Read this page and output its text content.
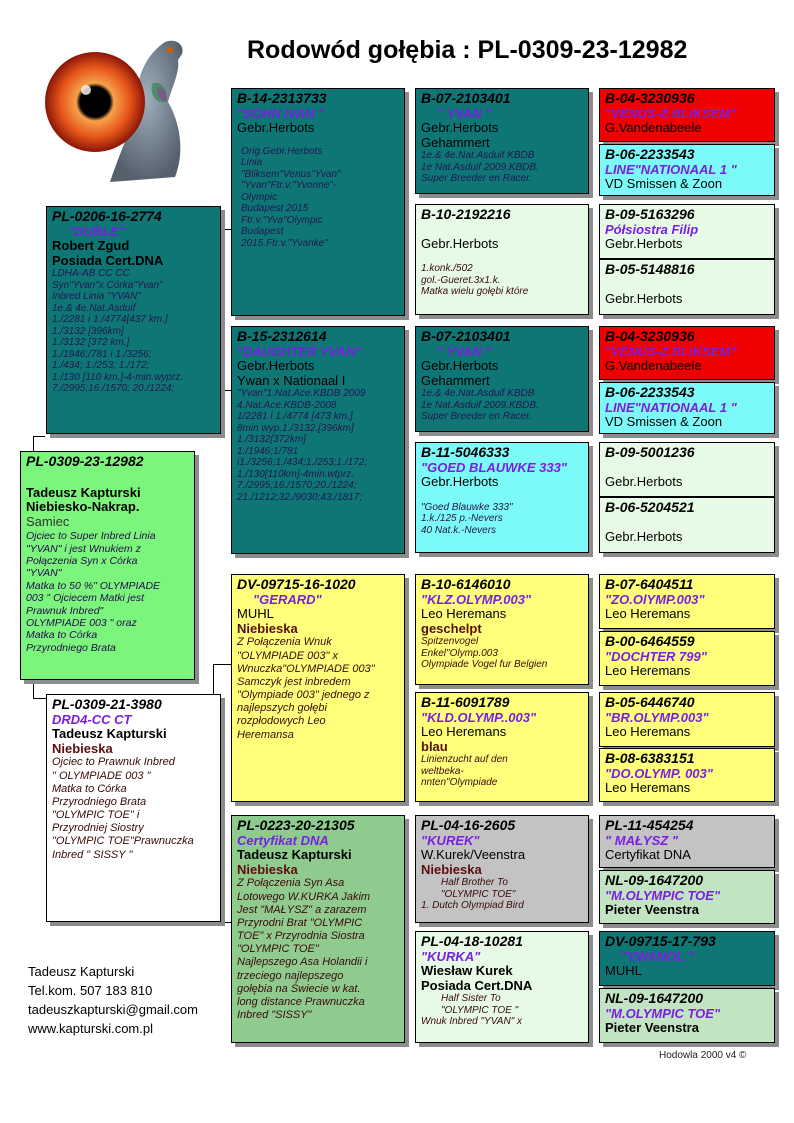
Rodowód gołębia : PL-0309-23-12982
PL-0309-23-12982
Tadeusz Kapturski
Niebiesko-Nakrap.
Samiec
Ojciec to Super Inbred Linia
"YVAN" i jest Wnukiem z
Połączenia Syn x Córka
"YVAN"
Matka to 50 %" OLYMPIADE
003 " Ojciecem Matki jest
Prawnuk Inbred"
OLYMPIADE 003 " oraz
Matka to Córka
Przyrodniego Brata
PL-0206-16-2774
"DUBLE"
Robert Zgud
Posiada Cert.DNA
LDHA-AB CC CC
Syn"Yvan"x Córka"Yvan"
Inbred Linia "YVAN"
1e.& 4e.Nat.Asduif
1./2281 i 1./4774[437 km.]
1./3132 [396km]
1./3132 [372 km.]
1./1946;/781 i 1./3256;
1./434; 1./253; 1./172;
1./130 [110 km.]-4-min.wyprz.
7./2995;16./1570; 20./1224;
PL-0309-21-3980
DRD4-CC CT
Tadeusz Kapturski
Niebieska
Ojciec to Prawnuk Inbred
" OLYMPIADE 003 "
Matka to Córka
Przyrodniego Brata
"OLYMPIC TOE" i
Przyrodniej Siostry
"OLYMPIC TOE"Prawnuczka
Inbred " SISSY "
B-14-2313733
"SOHN IVAN "
Gebr.Herbots
Orig.Gebr.Herbots
Linia
"Bliksem"Venus"Yvan"
"Yvan"Ftr.v."Yvonne"-
Olympic
Budapest 2015
Ftr.v."Yva"Olympic
Budapest
2015.Ftr.v."Yvanke"
B-15-2312614
"DAUGHTER YVAN"
Gebr.Herbots
Ywan x Nationaal I
"Yvan"1.Nat.Ace.KBDB 2009
4.Nat.Ace.KBDB-2008
1/2281 i 1./4774 [473 km.]
8min wyp.1./3132.[396km]
1./3132[372km]
1./1946;1/781
i1./3256;1./434;1./253;1./172;
1./130[110km]-4min.wtprz.
7./2995;16./1570;20./1224;
21./1212;32./9030;43./1817;
DV-09715-16-1020
"GERARD"
MUHL
Niebieska
Z Połączenia Wnuk
"OLYMPIADE 003" x
Wnuczka"OLYMPIADE 003"
Samczyk jest inbredem
"Olympiade 003" jednego z
najlepszych gołębi
rozpłodowych Leo
Heremansa
PL-0223-20-21305
Certyfikat DNA
Tadeusz Kapturski
Niebieska
Z Połączenia Syn Asa
Lotowego W.KURKA Jakim
Jest "MAŁYSZ" a zarazem
Przyrodni Brat "OLYMPIC
TOE" x Przyrodnia Siostra
"OLYMPIC TOE"
Najlepszego Asa Holandii i
trzeciego najlepszego
gołębia na Świecie w kat.
long distance Prawnuczka
Inbred "SISSY"
B-07-2103401
" YVAN "
Gebr.Herbots
Gehammert
1e.& 4e.Nat.Asduif KBDB
1e Nat.Asduif 2009.KBDB.
Super Breeder en Racer.
B-10-2192216
Gebr.Herbots
1.konk./502
gol.-Gueret.3x1.k.
Matka wielu gołębi które
B-07-2103401
" YVAN "
Gebr.Herbots
Gehammert
1e.& 4e.Nat.Asduif KBDB
1e Nat.Asduif 2009.KBDB.
Super Breeder en Racer.
B-11-5046333
"GOED BLAUWKE 333"
Gebr.Herbots
"Goed Blauwke 333"
1.k./125 p.-Nevers
40 Nat.k.-Nevers
B-10-6146010
"KLZ.OLYMP.003"
Leo Heremans
geschelpt
Spitzenvogel
Enkel"Olymp.003
Olympiade Vogel fur Belgien
B-11-6091789
"KLD.OLYMP..003"
Leo Heremans
blau
Linienzucht auf den
weltbeka-
nnten"Olympiade
PL-04-16-2605
"KUREK"
W.Kurek/Veenstra
Niebieska
Half Brother To
"OLYMPIC TOE"
1. Dutch Olympiad Bird
PL-04-18-10281
"KURKA"
Wiesław Kurek
Posiada Cert.DNA
Half Sister To
"OLYMPIC TOE "
Wnuk Inbred "YVAN" x
B-04-3230936
"VENUS-Z.BLIKSEM"
G.Vandenabeele
B-06-2233543
LINE"NATIONAAL 1 "
VD Smissen & Zoon
B-09-5163296
Półsiostra Filip
Gebr.Herbots
B-05-5148816
Gebr.Herbots
B-04-3230936
"VENUS-Z.BLIKSEM"
G.Vandenabeele
B-06-2233543
LINE"NATIONAAL 1 "
VD Smissen & Zoon
B-09-5001236
Gebr.Herbots
B-06-5204521
Gebr.Herbots
B-07-6404511
"ZO.OlYMP.003"
Leo Heremans
B-00-6464559
"DOCHTER 799"
Leo Heremans
B-05-6446740
"BR.OLYMP.003"
Leo Heremans
B-08-6383151
"DO.OLYMP. 003"
Leo Heremans
PL-11-454254
" MAŁYSZ "
Certyfikat DNA
NL-09-1647200
"M.OLYMPIC TOE"
Pieter Veenstra
DV-09715-17-793
"YWANOL "
MUHL
NL-09-1647200
"M.OLYMPIC TOE"
Pieter Veenstra
Tadeusz Kapturski
Tel.kom. 507 183 810
tadeuszkapturski@gmail.com
www.kapturski.com.pl
Hodowla 2000 v4 ©
